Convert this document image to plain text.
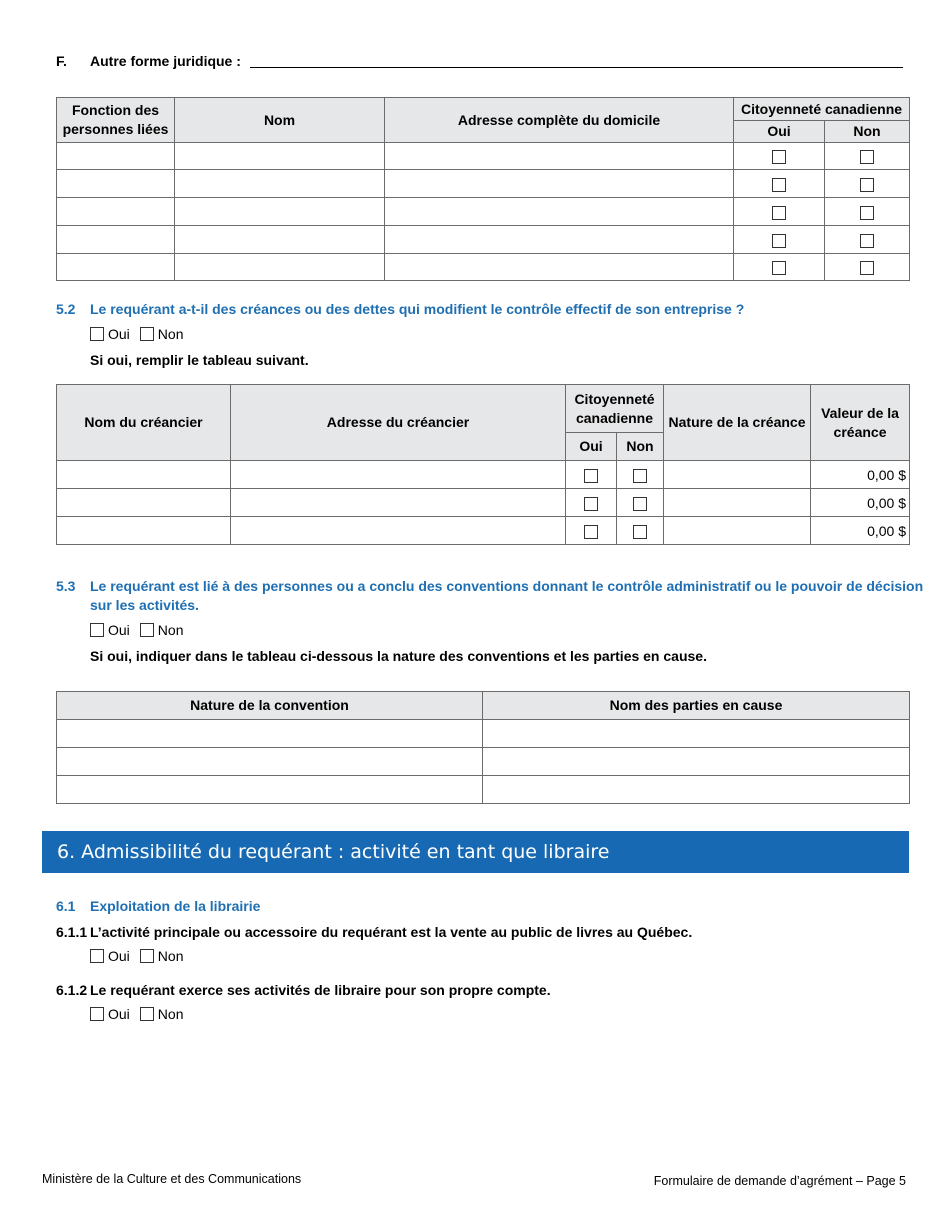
F. Autre forme juridique :
Fonction des personnes liées	Nom	Adresse complète du domicile	Citoyenneté canadienne	
			Oui	Non

5.2 Le requérant a-t-il des créances ou des dettes qui modifient le contrôle effectif de son entreprise ?
Oui Non
Si oui, remplir le tableau suivant.
Nom du créancier	Adresse du créancier	Citoyenneté canadienne		Nature de la créance	Valeur de la créance
		Oui	Non		
					0,00 $
					0,00 $
					0,00 $
5.3 Le requérant est lié à des personnes ou a conclu des conventions donnant le contrôle administratif ou le pouvoir de décision
sur les activités.
Oui Non
Si oui, indiquer dans le tableau ci-dessous la nature des conventions et les parties en cause.
Nature de la convention	Nom des parties en cause

6. Admissibilité du requérant : activité en tant que libraire
6.1 Exploitation de la librairie
6.1.1 L’activité principale ou accessoire du requérant est la vente au public de livres au Québec.
Oui Non
6.1.2 Le requérant exerce ses activités de libraire pour son propre compte.
Oui Non
Ministère de la Culture et des Communications	Formulaire de demande d’agrément – Page 5
